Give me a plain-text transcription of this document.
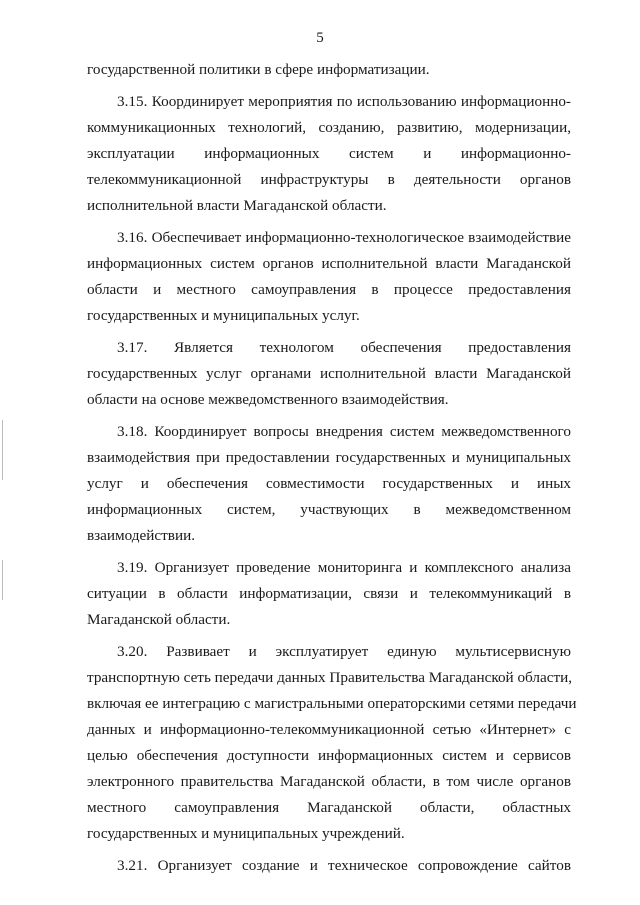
5
государственной политики в сфере информатизации.
3.15. Координирует мероприятия по использованию информационно-
коммуникационных технологий, созданию, развитию, модернизации,
эксплуатации информационных систем и информационно-
телекоммуникационной инфраструктуры в деятельности органов
исполнительной власти Магаданской области.
3.16. Обеспечивает информационно-технологическое взаимодействие
информационных систем органов исполнительной власти Магаданской
области и местного самоуправления в процессе предоставления
государственных и муниципальных услуг.
3.17. Является технологом обеспечения предоставления
государственных услуг органами исполнительной власти Магаданской
области на основе межведомственного взаимодействия.
3.18. Координирует вопросы внедрения систем межведомственного
взаимодействия при предоставлении государственных и муниципальных
услуг и обеспечения совместимости государственных и иных
информационных систем, участвующих в межведомственном
взаимодействии.
3.19. Организует проведение мониторинга и комплексного анализа
ситуации в области информатизации, связи и телекоммуникаций в
Магаданской области.
3.20. Развивает и эксплуатирует единую мультисервисную
транспортную сеть передачи данных Правительства Магаданской области,
включая ее интеграцию с магистральными операторскими сетями передачи
данных и информационно-телекоммуникационной сетью «Интернет» с
целью обеспечения доступности информационных систем и сервисов
электронного правительства Магаданской области, в том числе органов
местного самоуправления Магаданской области, областных
государственных и муниципальных учреждений.
3.21. Организует создание и техническое сопровождение сайтов
